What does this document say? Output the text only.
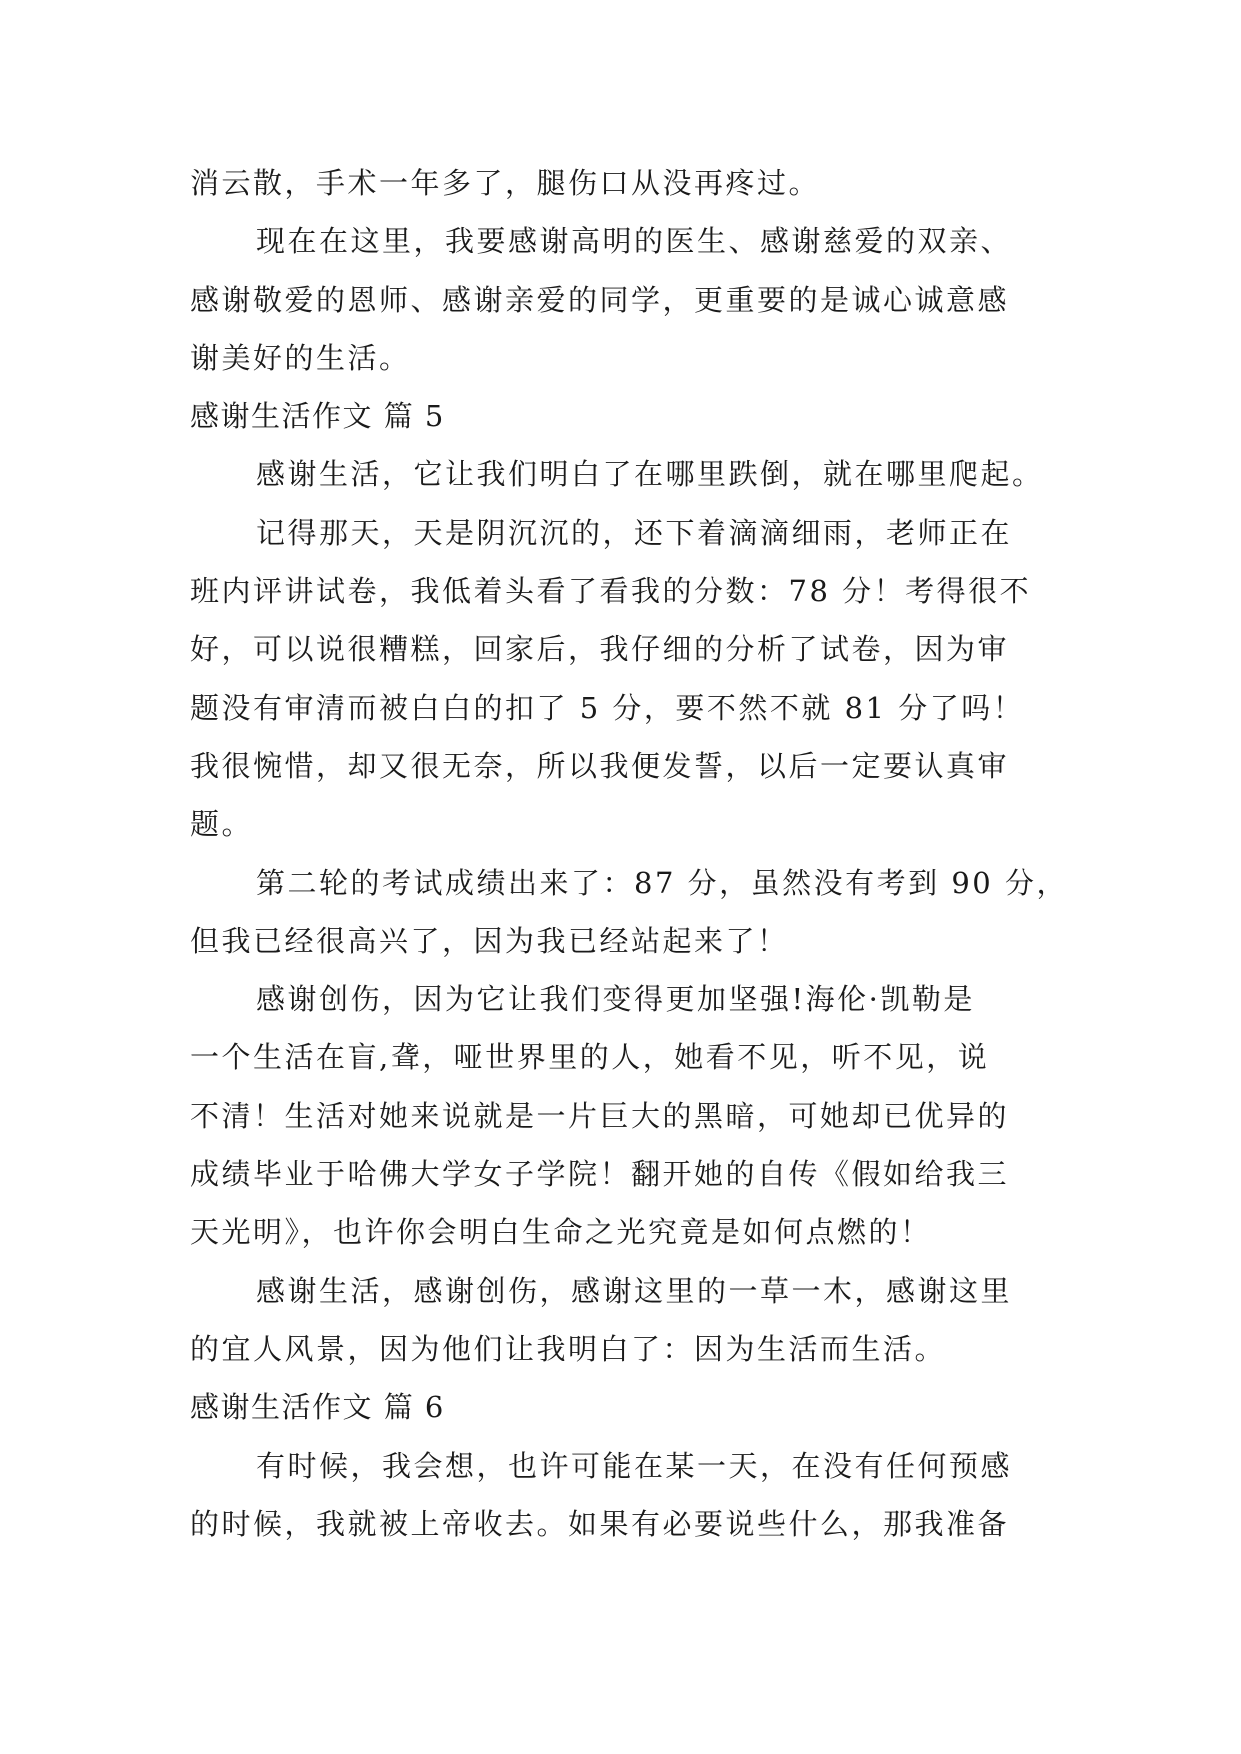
消云散，手术一年多了，腿伤口从没再疼过。
现在在这里，我要感谢高明的医生、感谢慈爱的双亲、
感谢敬爱的恩师、感谢亲爱的同学，更重要的是诚心诚意感
谢美好的生活。
感谢生活作文 篇 5
感谢生活，它让我们明白了在哪里跌倒，就在哪里爬起。
记得那天，天是阴沉沉的，还下着滴滴细雨，老师正在
班内评讲试卷，我低着头看了看我的分数：78 分！考得很不
好，可以说很糟糕，回家后，我仔细的分析了试卷，因为审
题没有审清而被白白的扣了 5 分，要不然不就 81 分了吗！
我很惋惜，却又很无奈，所以我便发誓，以后一定要认真审
题。
第二轮的考试成绩出来了：87 分，虽然没有考到 90 分，
但我已经很高兴了，因为我已经站起来了！
感谢创伤，因为它让我们变得更加坚强!海伦·凯勒是
一个生活在盲,聋，哑世界里的人，她看不见，听不见，说
不清！生活对她来说就是一片巨大的黑暗，可她却已优异的
成绩毕业于哈佛大学女子学院！翻开她的自传《假如给我三
天光明》，也许你会明白生命之光究竟是如何点燃的！
感谢生活，感谢创伤，感谢这里的一草一木，感谢这里
的宜人风景，因为他们让我明白了：因为生活而生活。
感谢生活作文 篇 6
有时候，我会想，也许可能在某一天，在没有任何预感
的时候，我就被上帝收去。如果有必要说些什么，那我准备
